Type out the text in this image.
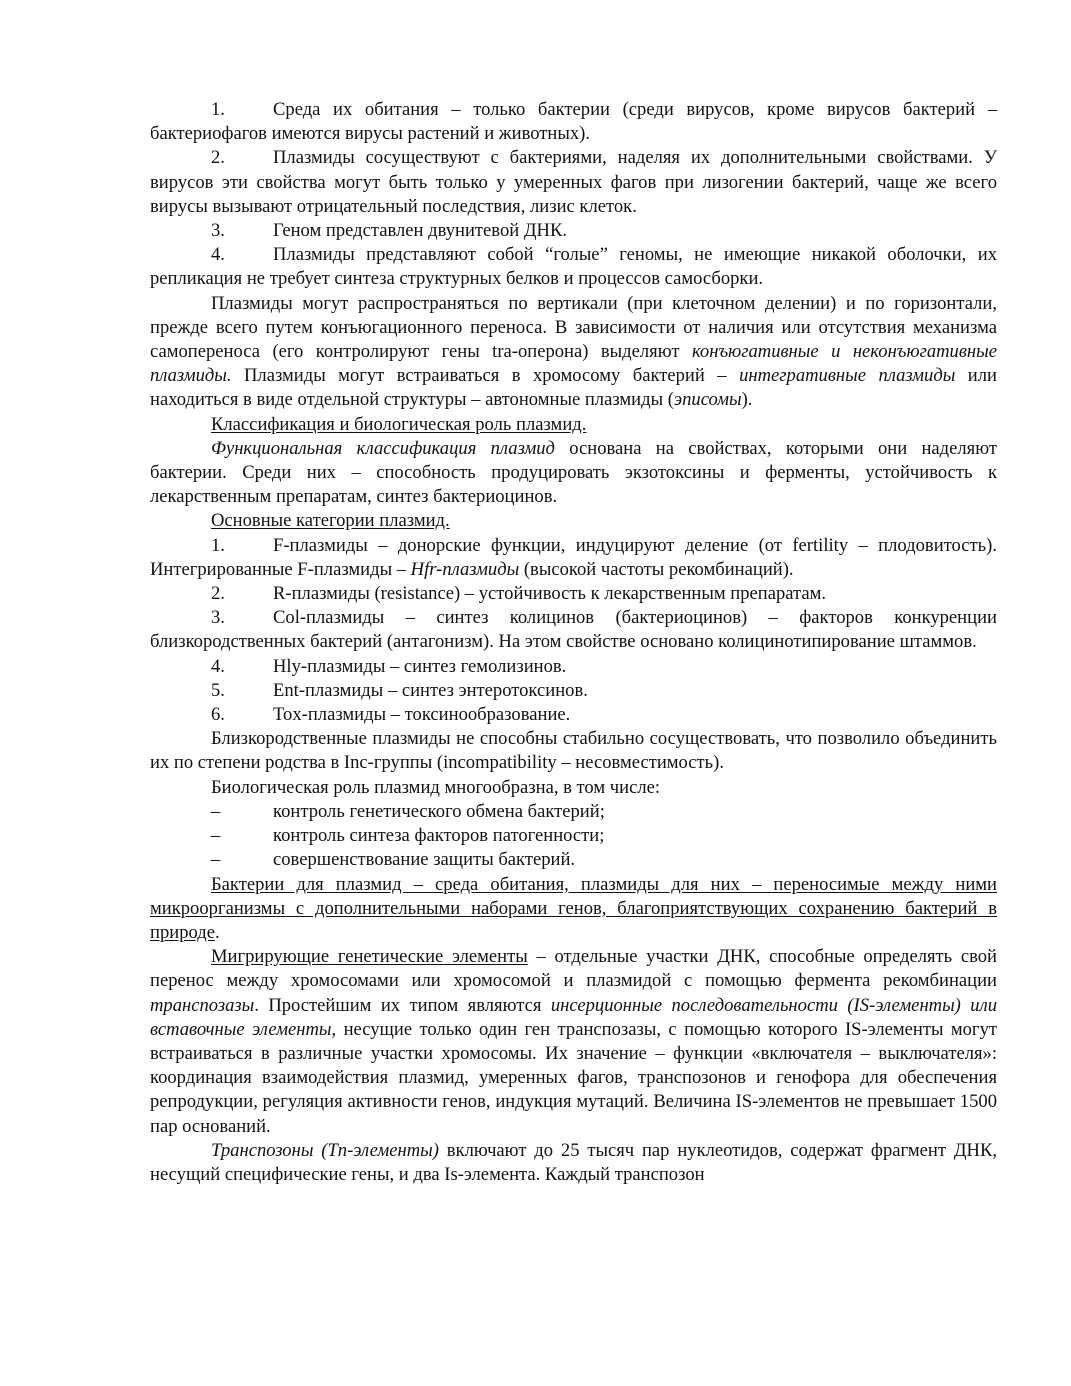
1.	Среда их обитания – только бактерии (среди вирусов, кроме вирусов бактерий – бактериофагов имеются вирусы растений и животных).

2.	Плазмиды сосуществуют с бактериями, наделяя их дополнительными свойствами. У вирусов эти свойства могут быть только у умеренных фагов при лизогении бактерий, чаще же всего вирусы вызывают отрицательный последствия, лизис клеток.

3.	Геном представлен двунитевой ДНК.

4.	Плазмиды представляют собой “голые” геномы, не имеющие никакой оболочки, их репликация не требует синтеза структурных белков и процессов самосборки.

Плазмиды могут распространяться по вертикали (при клеточном делении) и по горизонтали, прежде всего путем конъюгационного переноса. В зависимости от наличия или отсутствия механизма самопереноса (его контролируют гены tra-оперона) выделяют конъюгативные и неконъюгативные плазмиды. Плазмиды могут встраиваться в хромосому бактерий – интегративные плазмиды или находиться в виде отдельной структуры – автономные плазмиды (эписомы).

Классификация и биологическая роль плазмид.

Функциональная классификация плазмид основана на свойствах, которыми они наделяют бактерии. Среди них – способность продуцировать экзотоксины и ферменты, устойчивость к лекарственным препаратам, синтез бактериоцинов.

Основные категории плазмид.

1.	F-плазмиды – донорские функции, индуцируют деление (от fertility – плодовитость). Интегрированные F-плазмиды – Hfr-плазмиды (высокой частоты рекомбинаций).

2.	R-плазмиды (resistance) – устойчивость к лекарственным препаратам.

3.	Col-плазмиды – синтез колицинов (бактериоцинов) – факторов конкуренции близкородственных бактерий (антагонизм). На этом свойстве основано колицинотипирование штаммов.

4.	Hly-плазмиды – синтез гемолизинов.

5.	Ent-плазмиды – синтез энтеротоксинов.

6.	Tox-плазмиды – токсинообразование.

Близкородственные плазмиды не способны стабильно сосуществовать, что позволило объединить их по степени родства в Inc-группы (incompatibility – несовместимость).

Биологическая роль плазмид многообразна, в том числе:

–	контроль генетического обмена бактерий;

–	контроль синтеза факторов патогенности;

–	совершенствование защиты бактерий.

Бактерии для плазмид – среда обитания, плазмиды для них – переносимые между ними микроорганизмы с дополнительными наборами генов, благоприятствующих сохранению бактерий в природе.

Мигрирующие генетические элементы – отдельные участки ДНК, способные определять свой перенос между хромосомами или хромосомой и плазмидой с помощью фермента рекомбинации транспозазы. Простейшим их типом являются инсерционные последовательности (IS-элементы) или вставочные элементы, несущие только один ген транспозазы, с помощью которого IS-элементы могут встраиваться в различные участки хромосомы. Их значение – функции «включателя – выключателя»: координация взаимодействия плазмид, умеренных фагов, транспозонов и генофора для обеспечения репродукции, регуляция активности генов, индукция мутаций. Величина IS-элементов не превышает 1500 пар оснований.

Транспозоны (Tn-элементы) включают до 25 тысяч пар нуклеотидов, содержат фрагмент ДНК, несущий специфические гены, и два Is-элемента. Каждый транспозон
